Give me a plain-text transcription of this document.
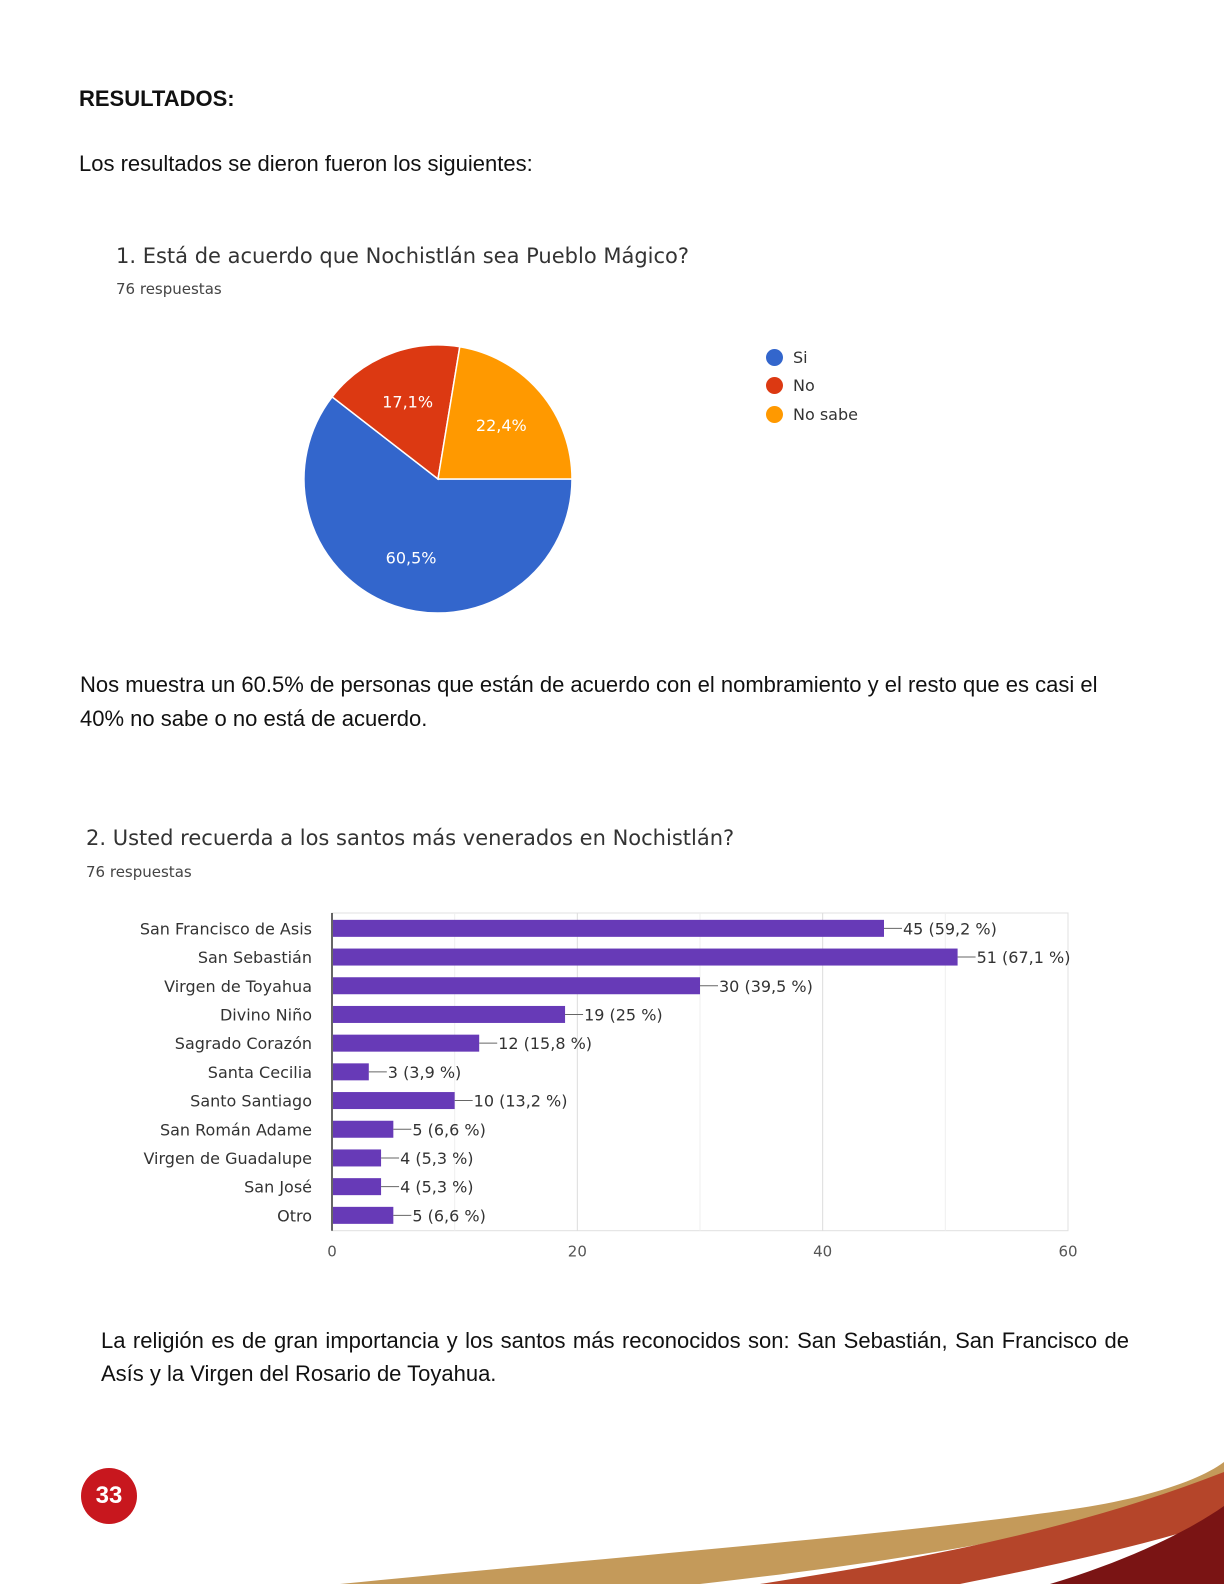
RESULTADOS:
Los resultados se dieron fueron los siguientes:
1. Está de acuerdo que Nochistlán sea Pueblo Mágico?
76 respuestas
60,5%
17,1%
22,4%
Si
No
No sabe
Nos muestra un 60.5% de personas que están de acuerdo con el nombramiento y el resto que es casi el 40% no sabe o no está de acuerdo.
2. Usted recuerda a los santos más venerados en Nochistlán?
76 respuestas
0	20	40	60
San Francisco de Asis	45 (59,2 %)
San Sebastián	51 (67,1 %)
Virgen de Toyahua	30 (39,5 %)
Divino Niño	19 (25 %)
Sagrado Corazón	12 (15,8 %)
Santa Cecilia	3 (3,9 %)
Santo Santiago	10 (13,2 %)
San Román Adame	5 (6,6 %)
Virgen de Guadalupe	4 (5,3 %)
San José	4 (5,3 %)
Otro	5 (6,6 %)
La religión es de gran importancia y los santos más reconocidos son: San Sebastián, San Francisco de Asís y la Virgen del Rosario de Toyahua.
33
